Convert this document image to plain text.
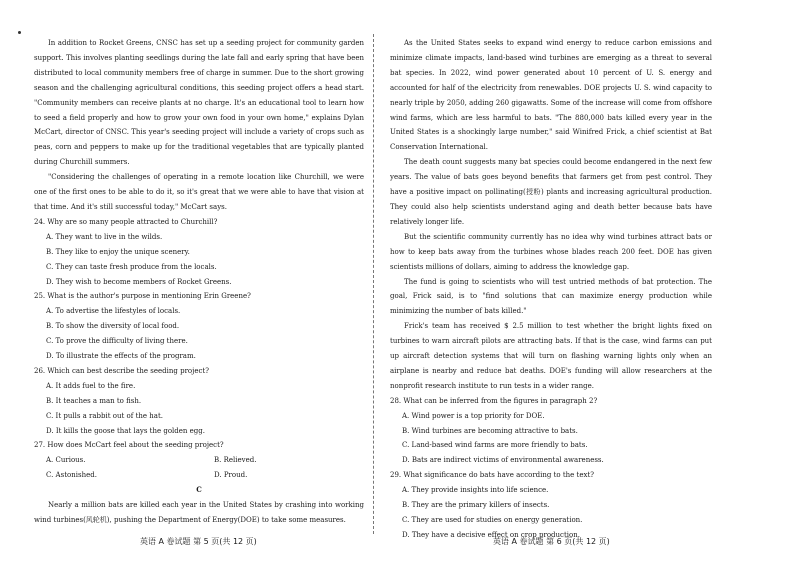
In addition to Rocket Greens, CNSC has set up a seeding project for community garden support. This involves planting seedlings during the late fall and early spring that have been distributed to local community members free of charge in summer. Due to the short growing season and the challenging agricultural conditions, this seeding project offers a head start. "Community members can receive plants at no charge. It's an educational tool to learn how to seed a field properly and how to grow your own food in your own home," explains Dylan McCart, director of CNSC. This year's seeding project will include a variety of crops such as peas, corn and peppers to make up for the traditional vegetables that are typically planted during Churchill summers.

"Considering the challenges of operating in a remote location like Churchill, we were one of the first ones to be able to do it, so it's great that we were able to have that vision at that time. And it's still successful today," McCart says.

24. Why are so many people attracted to Churchill?

A. They want to live in the wilds.

B. They like to enjoy the unique scenery.

C. They can taste fresh produce from the locals.

D. They wish to become members of Rocket Greens.

25. What is the author's purpose in mentioning Erin Greene?

A. To advertise the lifestyles of locals.

B. To show the diversity of local food.

C. To prove the difficulty of living there.

D. To illustrate the effects of the program.

26. Which can best describe the seeding project?

A. It adds fuel to the fire.

B. It teaches a man to fish.

C. It pulls a rabbit out of the hat.

D. It kills the goose that lays the golden egg.

27. How does McCart feel about the seeding project?

A. Curious.	B. Relieved.
C. Astonished.	D. Proud.

C

Nearly a million bats are killed each year in the United States by crashing into working wind turbines(风轮机), pushing the Department of Energy(DOE) to take some measures.

英语 A 卷试题 第 5 页(共 12 页)

As the United States seeks to expand wind energy to reduce carbon emissions and minimize climate impacts, land-based wind turbines are emerging as a threat to several bat species. In 2022, wind power generated about 10 percent of U. S. energy and accounted for half of the electricity from renewables. DOE projects U. S. wind capacity to nearly triple by 2050, adding 260 gigawatts. Some of the increase will come from offshore wind farms, which are less harmful to bats. "The 880,000 bats killed every year in the United States is a shockingly large number," said Winifred Frick, a chief scientist at Bat Conservation International.

The death count suggests many bat species could become endangered in the next few years. The value of bats goes beyond benefits that farmers get from pest control. They have a positive impact on pollinating(授粉) plants and increasing agricultural production. They could also help scientists understand aging and death better because bats have relatively longer life.

But the scientific community currently has no idea why wind turbines attract bats or how to keep bats away from the turbines whose blades reach 200 feet. DOE has given scientists millions of dollars, aiming to address the knowledge gap.

The fund is going to scientists who will test untried methods of bat protection. The goal, Frick said, is to "find solutions that can maximize energy production while minimizing the number of bats killed."

Frick's team has received $ 2.5 million to test whether the bright lights fixed on turbines to warn aircraft pilots are attracting bats. If that is the case, wind farms can put up aircraft detection systems that will turn on flashing warning lights only when an airplane is nearby and reduce bat deaths. DOE's funding will allow researchers at the nonprofit research institute to run tests in a wider range.

28. What can be inferred from the figures in paragraph 2?

A. Wind power is a top priority for DOE.

B. Wind turbines are becoming attractive to bats.

C. Land-based wind farms are more friendly to bats.

D. Bats are indirect victims of environmental awareness.

29. What significance do bats have according to the text?

A. They provide insights into life science.

B. They are the primary killers of insects.

C. They are used for studies on energy generation.

D. They have a decisive effect on crop production.

英语 A 卷试题 第 6 页(共 12 页)
